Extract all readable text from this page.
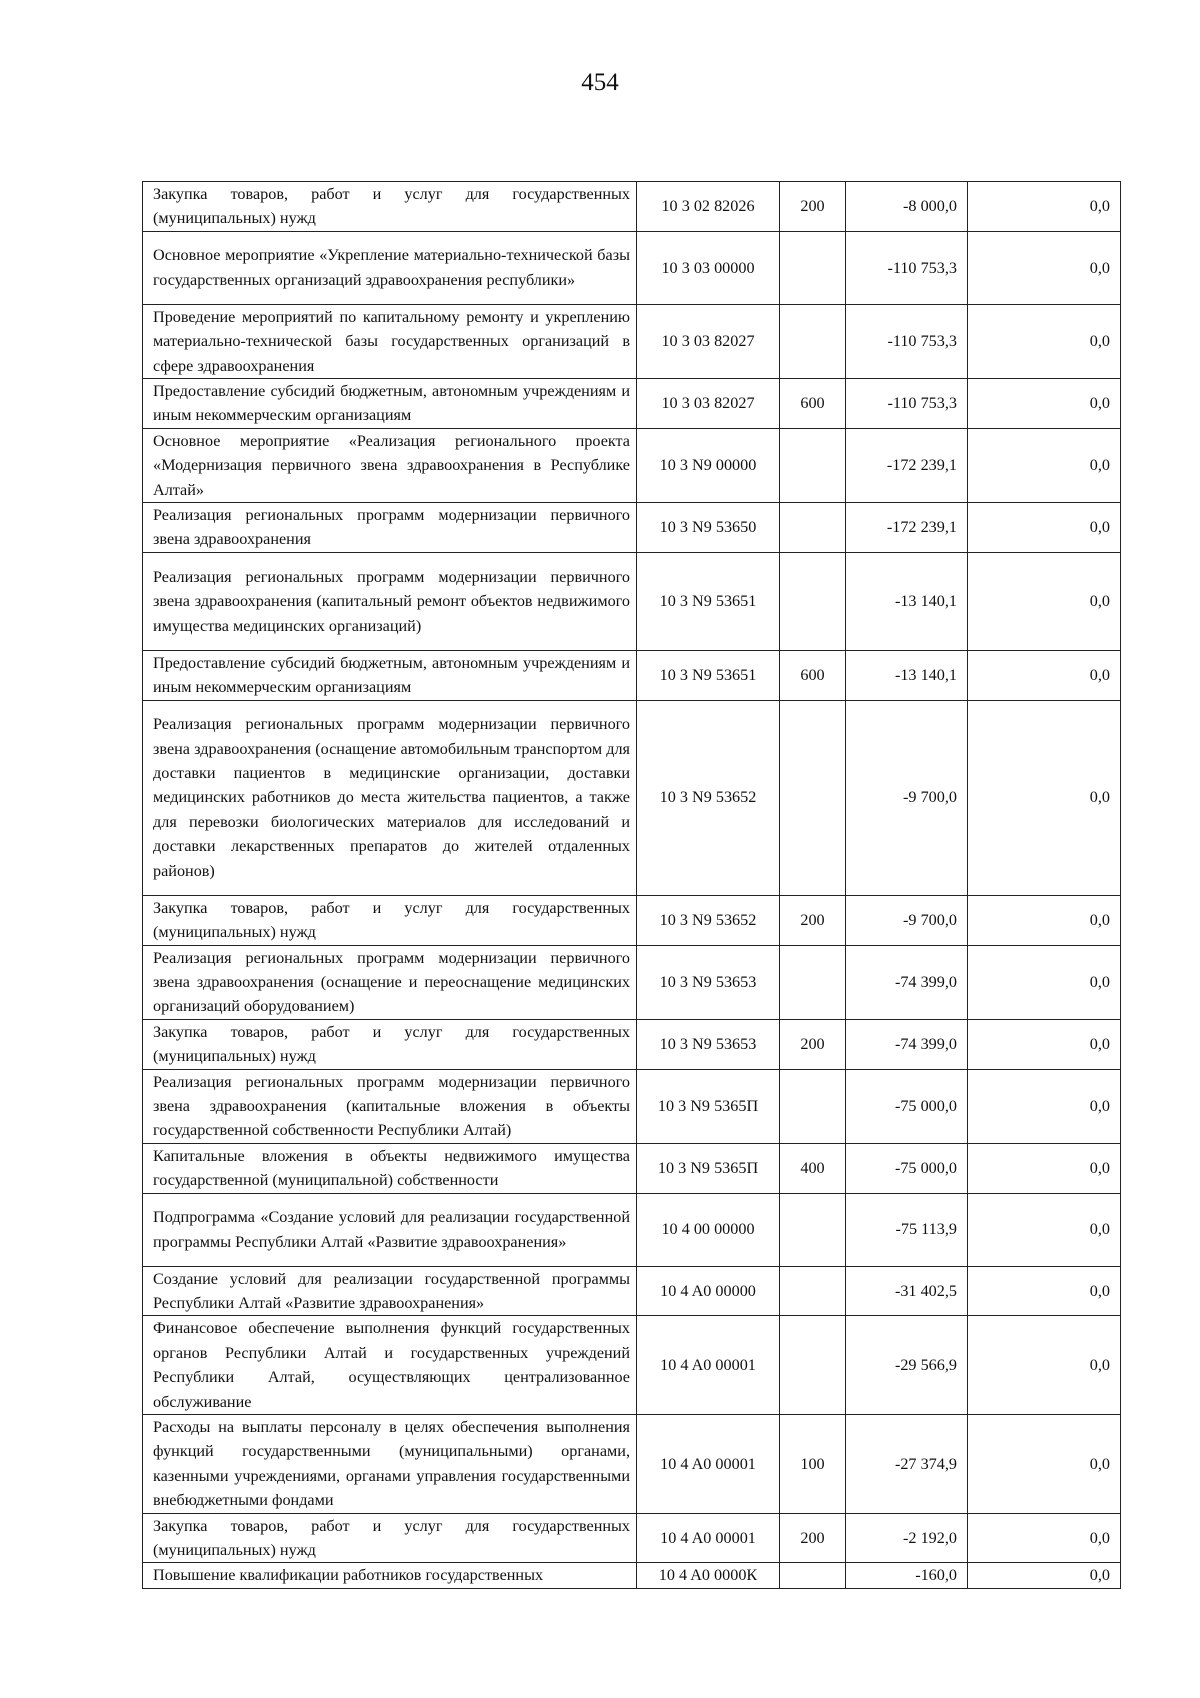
454
Закупка товаров, работ и услуг для государственных (муниципальных) нужд	10 3 02 82026	200	-8 000,0	0,0
Основное мероприятие «Укрепление материально-технической базы государственных организаций здравоохранения республики»	10 3 03 00000		-110 753,3	0,0
Проведение мероприятий по капитальному ремонту и укреплению материально-технической базы государственных организаций в сфере здравоохранения	10 3 03 82027		-110 753,3	0,0
Предоставление субсидий бюджетным, автономным учреждениям и иным некоммерческим организациям	10 3 03 82027	600	-110 753,3	0,0
Основное мероприятие «Реализация регионального проекта «Модернизация первичного звена здравоохранения в Республике Алтай»	10 3 N9 00000		-172 239,1	0,0
Реализация региональных программ модернизации первичного звена здравоохранения	10 3 N9 53650		-172 239,1	0,0
Реализация региональных программ модернизации первичного звена здравоохранения (капитальный ремонт объектов недвижимого имущества медицинских организаций)	10 3 N9 53651		-13 140,1	0,0
Предоставление субсидий бюджетным, автономным учреждениям и иным некоммерческим организациям	10 3 N9 53651	600	-13 140,1	0,0
Реализация региональных программ модернизации первичного звена здравоохранения (оснащение автомобильным транспортом для доставки пациентов в медицинские организации, доставки медицинских работников до места жительства пациентов, а также для перевозки биологических материалов для исследований и доставки лекарственных препаратов до жителей отдаленных районов)	10 3 N9 53652		-9 700,0	0,0
Закупка товаров, работ и услуг для государственных (муниципальных) нужд	10 3 N9 53652	200	-9 700,0	0,0
Реализация региональных программ модернизации первичного звена здравоохранения (оснащение и переоснащение медицинских организаций оборудованием)	10 3 N9 53653		-74 399,0	0,0
Закупка товаров, работ и услуг для государственных (муниципальных) нужд	10 3 N9 53653	200	-74 399,0	0,0
Реализация региональных программ модернизации первичного звена здравоохранения (капитальные вложения в объекты государственной собственности Республики Алтай)	10 3 N9 5365П		-75 000,0	0,0
Капитальные вложения в объекты недвижимого имущества государственной (муниципальной) собственности	10 3 N9 5365П	400	-75 000,0	0,0
Подпрограмма «Создание условий для реализации государственной программы Республики Алтай «Развитие здравоохранения»	10 4 00 00000		-75 113,9	0,0
Создание условий для реализации государственной программы Республики Алтай «Развитие здравоохранения»	10 4 A0 00000		-31 402,5	0,0
Финансовое обеспечение выполнения функций государственных органов Республики Алтай и государственных учреждений Республики Алтай, осуществляющих централизованное обслуживание	10 4 A0 00001		-29 566,9	0,0
Расходы на выплаты персоналу в целях обеспечения выполнения функций государственными (муниципальными) органами, казенными учреждениями, органами управления государственными внебюджетными фондами	10 4 A0 00001	100	-27 374,9	0,0
Закупка товаров, работ и услуг для государственных (муниципальных) нужд	10 4 A0 00001	200	-2 192,0	0,0
Повышение квалификации работников государственных	10 4 A0 0000К		-160,0	0,0
